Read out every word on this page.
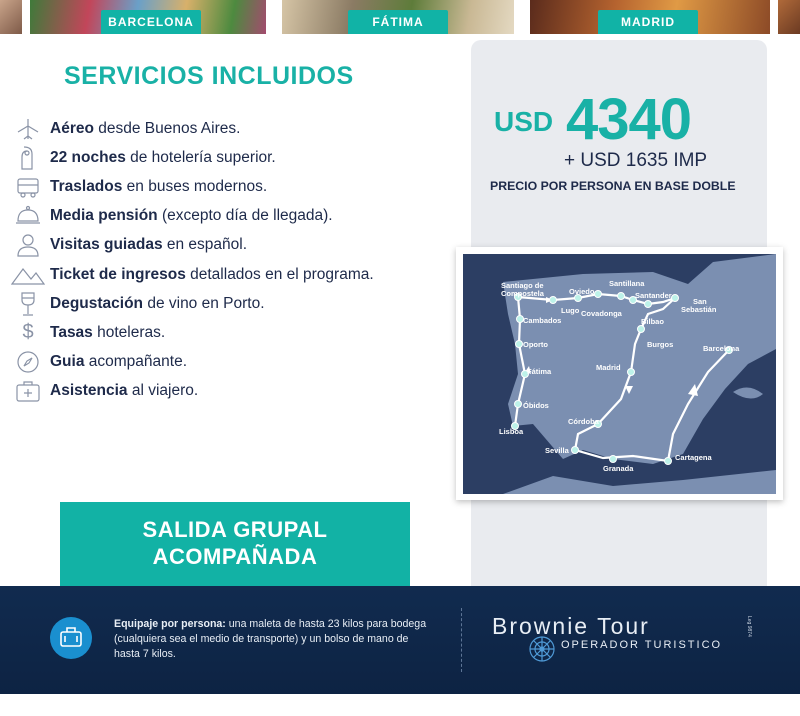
BARCELONA	FÁTIMA	MADRID
SERVICIOS INCLUIDOS
Aéreo desde Buenos Aires.
22 noches de hotelería superior.
Traslados en buses modernos.
Media pensión (excepto día de llegada).
Visitas guiadas en español.
Ticket de ingresos detallados en el programa.
Degustación de vino en Porto.
$	Tasas hoteleras.
Guia acompañante.
Asistencia al viajero.
USD 4340
+ USD 1635 IMP
PRECIO POR PERSONA EN BASE DOBLE
Santiago de
Compostela	Oviedo
Santillana
Santander
San
Sebastián
Lugo
Cambados
Covadonga
Bilbao
Burgos
Oporto	Barcelona
Madrid
Fátima
Óbidos
Córdoba
Lisboa
Sevilla
Cartagena
Granada
SALIDA GRUPAL
ACOMPAÑADA
Equipaje por persona: una maleta de hasta 23 kilos para bodega (cualquiera sea el medio de transporte) y un bolso de mano de hasta 7 kilos.
Brownie Tour
OPERADOR TURISTICO
Leg 9874
